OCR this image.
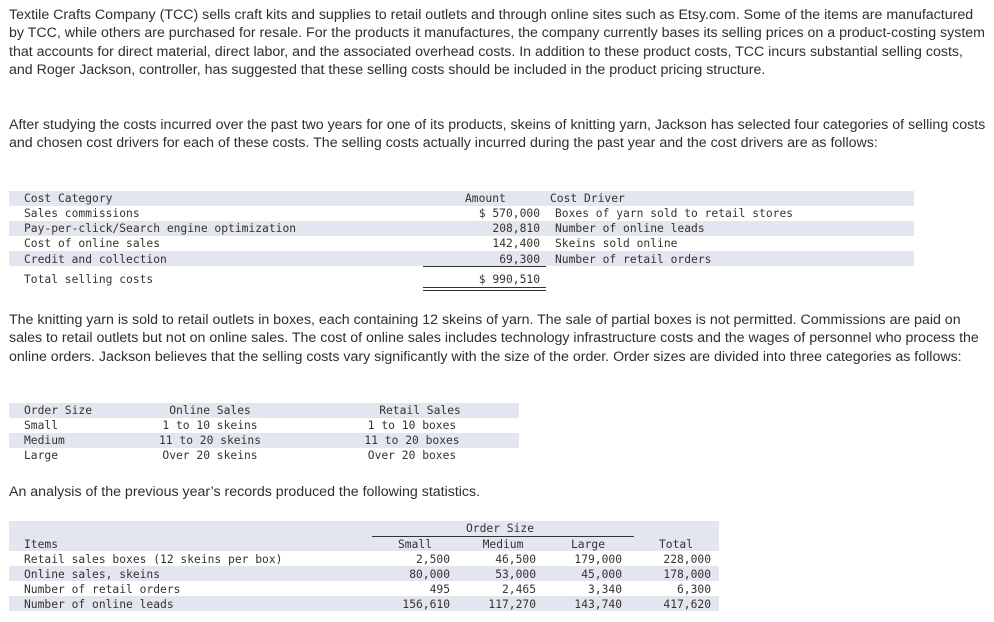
Textile Crafts Company (TCC) sells craft kits and supplies to retail outlets and through online sites such as Etsy.com. Some of the items are manufactured by TCC, while others are purchased for resale. For the products it manufactures, the company currently bases its selling prices on a product-costing system that accounts for direct material, direct labor, and the associated overhead costs. In addition to these product costs, TCC incurs substantial selling costs, and Roger Jackson, controller, has suggested that these selling costs should be included in the product pricing structure.
After studying the costs incurred over the past two years for one of its products, skeins of knitting yarn, Jackson has selected four categories of selling costs and chosen cost drivers for each of these costs. The selling costs actually incurred during the past year and the cost drivers are as follows:
Cost Category	Amount	Cost Driver
Sales commissions	$ 570,000 Boxes of yarn sold to retail stores
Pay-per-click/Search engine optimization	208,810 Number of online leads
Cost of online sales	142,400 Skeins sold online
Credit and collection	69,300 Number of retail orders
Total selling costs	$ 990,510
The knitting yarn is sold to retail outlets in boxes, each containing 12 skeins of yarn. The sale of partial boxes is not permitted. Commissions are paid on sales to retail outlets but not on online sales. The cost of online sales includes technology infrastructure costs and the wages of personnel who process the online orders. Jackson believes that the selling costs vary significantly with the size of the order. Order sizes are divided into three categories as follows:
Order Size	Online Sales	Retail Sales
Small	1 to 10 skeins	1 to 10 boxes
Medium	11 to 20 skeins	11 to 20 boxes
Large	Over 20 skeins	Over 20 boxes
An analysis of the previous year’s records produced the following statistics.
Order Size
Items	Small	Medium	Large	Total
Retail sales boxes (12 skeins per box)	2,500	46,500	179,000	228,000
Online sales, skeins	80,000	53,000	45,000	178,000
Number of retail orders	495	2,465	3,340	6,300
Number of online leads	156,610	117,270	143,740	417,620
